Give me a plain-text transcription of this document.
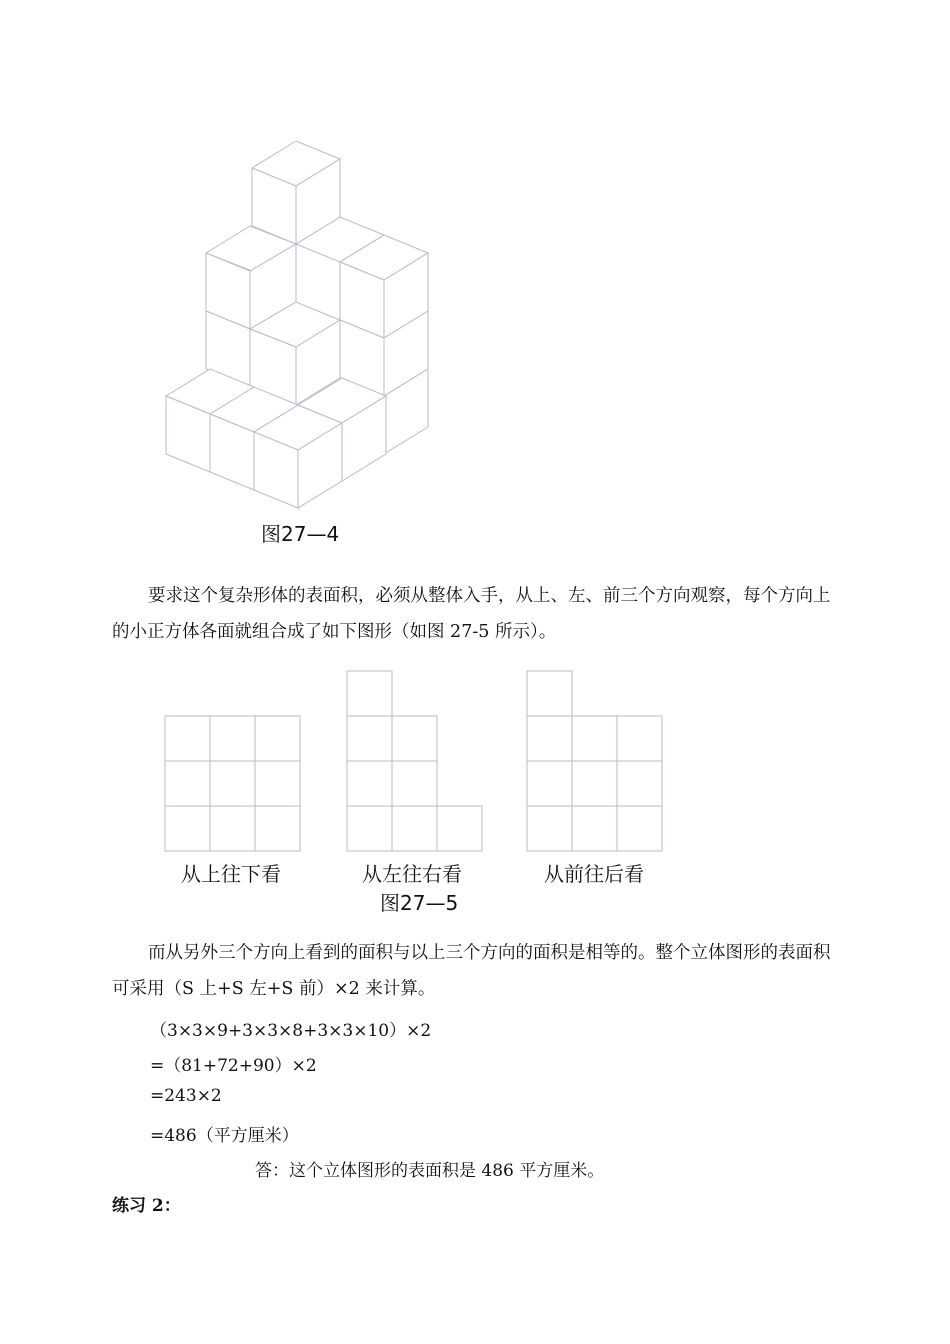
图27—4

要求这个复杂形体的表面积，必须从整体入手，从上、左、前三个方向观察，每个方向上的小正方体各面就组合成了如下图形（如图 27-5 所示）。

从上往下看	从左往右看	从前往后看
图27—5

而从另外三个方向上看到的面积与以上三个方向的面积是相等的。整个立体图形的表面积可采用（S 上+S 左+S 前）×2 来计算。

（3×3×9+3×3×8+3×3×10）×2
=（81+72+90）×2
=243×2
=486（平方厘米）
答：这个立体图形的表面积是 486 平方厘米。
练习 2：
